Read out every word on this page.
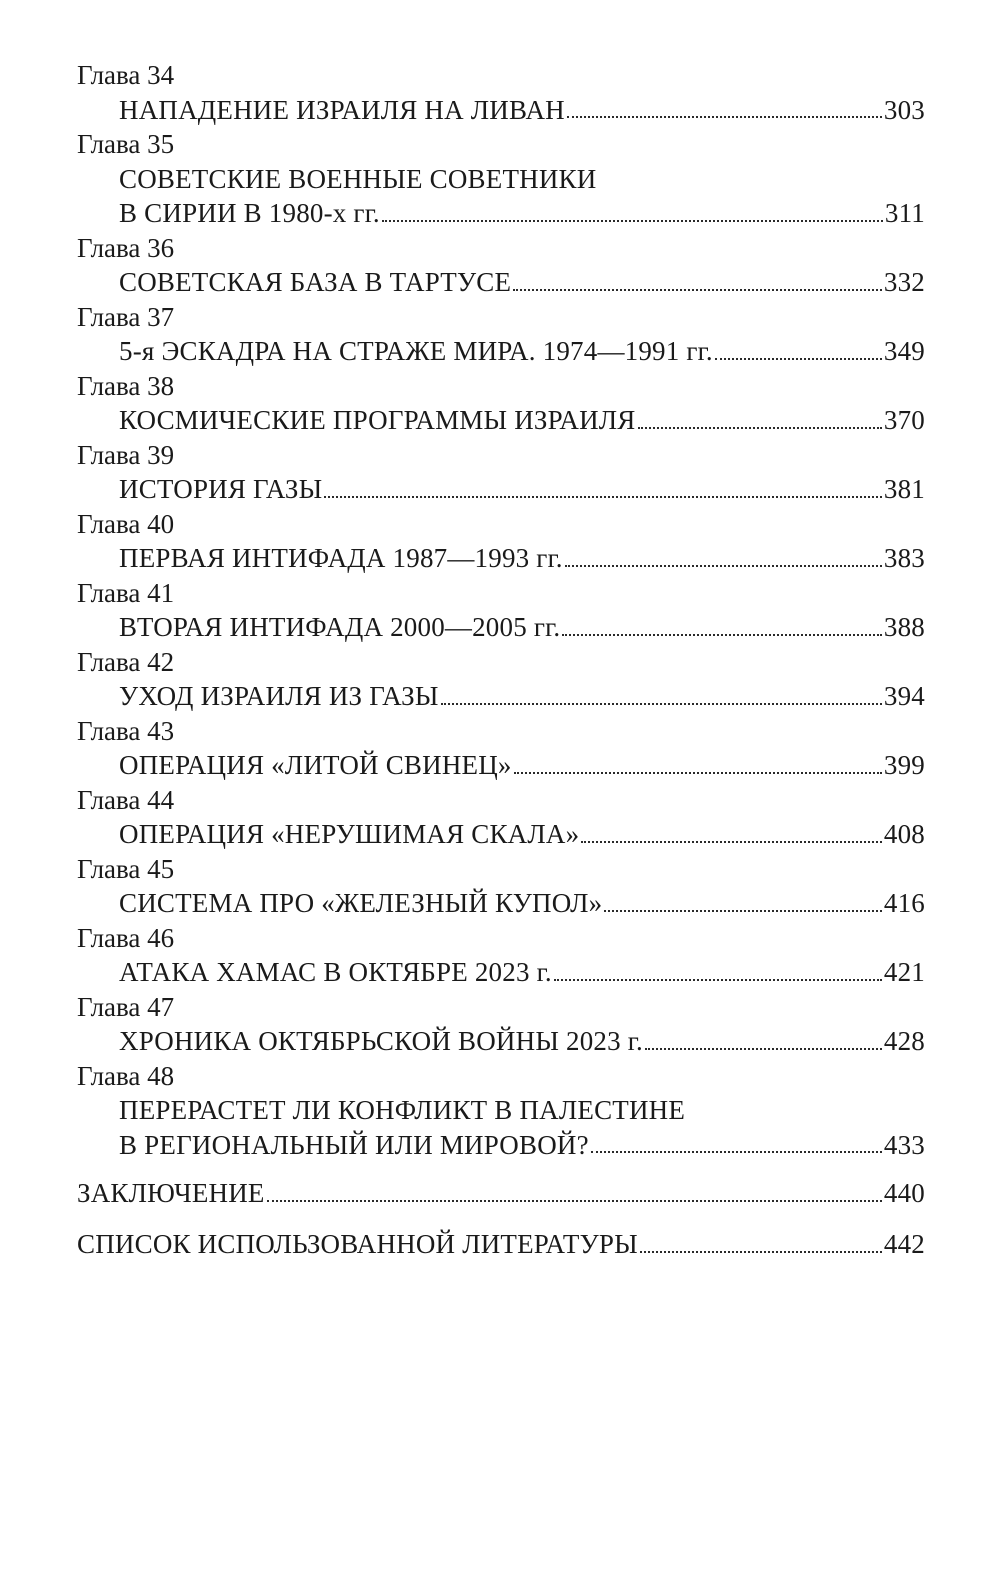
Глава 34
НАПАДЕНИЕ ИЗРАИЛЯ НА ЛИВАН	303
Глава 35
СОВЕТСКИЕ ВОЕННЫЕ СОВЕТНИКИ
В СИРИИ В 1980-х гг.	311
Глава 36
СОВЕТСКАЯ БАЗА В ТАРТУСЕ	332
Глава 37
5-я ЭСКАДРА НА СТРАЖЕ МИРА. 1974—1991 гг.	349
Глава 38
КОСМИЧЕСКИЕ ПРОГРАММЫ ИЗРАИЛЯ	370
Глава 39
ИСТОРИЯ ГАЗЫ	381
Глава 40
ПЕРВАЯ ИНТИФАДА 1987—1993 гг.	383
Глава 41
ВТОРАЯ ИНТИФАДА 2000—2005 гг.	388
Глава 42
УХОД ИЗРАИЛЯ ИЗ ГАЗЫ	394
Глава 43
ОПЕРАЦИЯ «ЛИТОЙ СВИНЕЦ»	399
Глава 44
ОПЕРАЦИЯ «НЕРУШИМАЯ СКАЛА»	408
Глава 45
СИСТЕМА ПРО «ЖЕЛЕЗНЫЙ КУПОЛ»	416
Глава 46
АТАКА ХАМАС В ОКТЯБРЕ 2023 г.	421
Глава 47
ХРОНИКА ОКТЯБРЬСКОЙ ВОЙНЫ 2023 г.	428
Глава 48
ПЕРЕРАСТЕТ ЛИ КОНФЛИКТ В ПАЛЕСТИНЕ
В РЕГИОНАЛЬНЫЙ ИЛИ МИРОВОЙ?	433
ЗАКЛЮЧЕНИЕ	440
СПИСОК ИСПОЛЬЗОВАННОЙ ЛИТЕРАТУРЫ	442
